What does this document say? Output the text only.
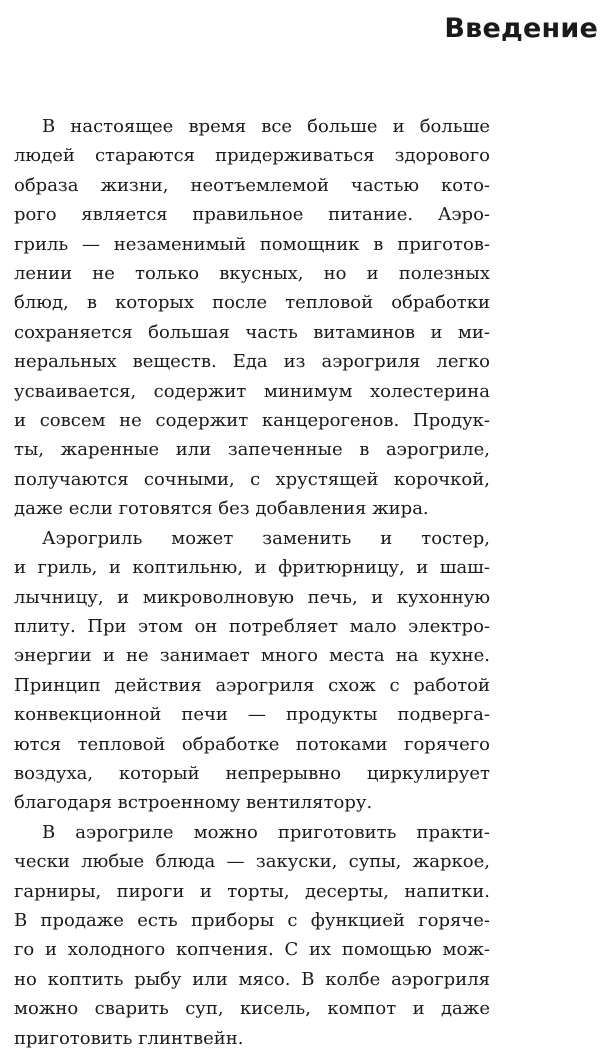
Введение

В настоящее время все больше и больше
людей стараются придерживаться здорового
образа жизни, неотъемлемой частью кото-
рого является правильное питание. Аэро-
гриль — незаменимый помощник в приготов-
лении не только вкусных, но и полезных
блюд, в которых после тепловой обработки
сохраняется большая часть витаминов и ми-
неральных веществ. Еда из аэрогриля легко
усваивается, содержит минимум холестерина
и совсем не содержит канцерогенов. Продук-
ты, жаренные или запеченные в аэрогриле,
получаются сочными, с хрустящей корочкой,
даже если готовятся без добавления жира.

Аэрогриль может заменить и тостер,
и гриль, и коптильню, и фритюрницу, и шаш-
лычницу, и микроволновую печь, и кухонную
плиту. При этом он потребляет мало электро-
энергии и не занимает много места на кухне.
Принцип действия аэрогриля схож с работой
конвекционной печи — продукты подверга-
ются тепловой обработке потоками горячего
воздуха, который непрерывно циркулирует
благодаря встроенному вентилятору.

В аэрогриле можно приготовить практи-
чески любые блюда — закуски, супы, жаркое,
гарниры, пироги и торты, десерты, напитки.
В продаже есть приборы с функцией горяче-
го и холодного копчения. С их помощью мож-
но коптить рыбу или мясо. В колбе аэрогриля
можно сварить суп, кисель, компот и даже
приготовить глинтвейн.
